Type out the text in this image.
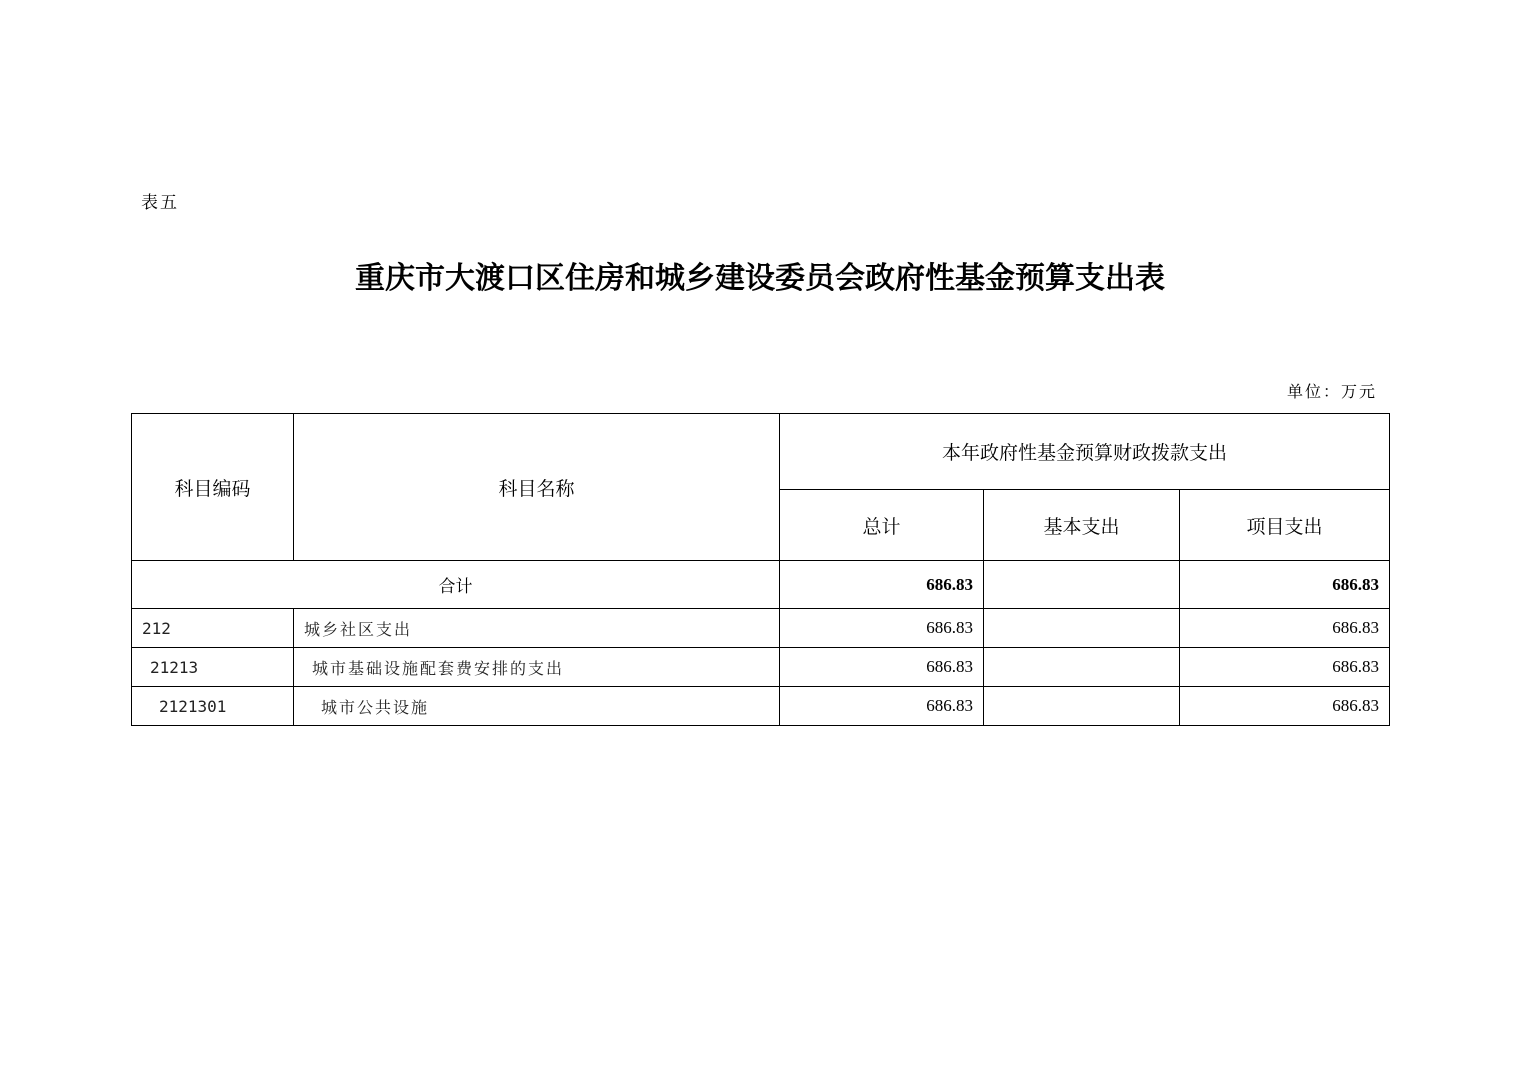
表五
重庆市大渡口区住房和城乡建设委员会政府性基金预算支出表
单位：万元
科目编码	科目名称	本年政府性基金预算财政拨款支出		
		总计	基本支出	项目支出
合计		686.83		686.83
212	城乡社区支出	686.83		686.83
21213	城市基础设施配套费安排的支出	686.83		686.83
2121301	城市公共设施	686.83		686.83
